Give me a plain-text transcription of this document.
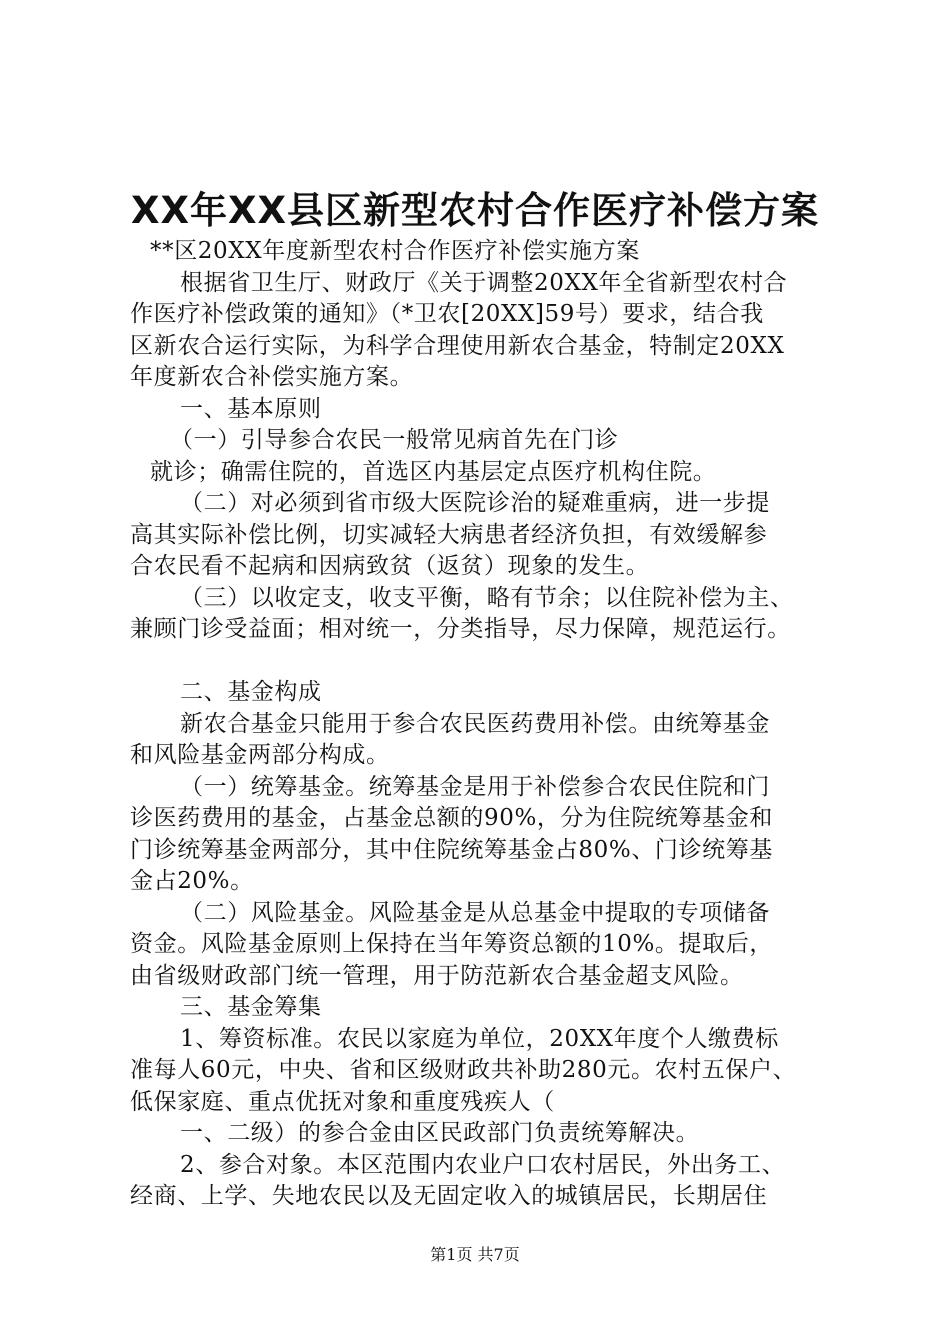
XX年XX县区新型农村合作医疗补偿方案
**区20XX年度新型农村合作医疗补偿实施方案
根据省卫生厅、财政厅《关于调整20XX年全省新型农村合
作医疗补偿政策的通知》（*卫农[20XX]59号）要求，结合我
区新农合运行实际，为科学合理使用新农合基金，特制定20XX
年度新农合补偿实施方案。
一、基本原则
（一）引导参合农民一般常见病首先在门诊
就诊；确需住院的，首选区内基层定点医疗机构住院。
（二）对必须到省市级大医院诊治的疑难重病，进一步提
高其实际补偿比例，切实减轻大病患者经济负担，有效缓解参
合农民看不起病和因病致贫（返贫）现象的发生。
（三）以收定支，收支平衡，略有节余；以住院补偿为主、
兼顾门诊受益面；相对统一，分类指导，尽力保障，规范运行。
二、基金构成
新农合基金只能用于参合农民医药费用补偿。由统筹基金
和风险基金两部分构成。
（一）统筹基金。统筹基金是用于补偿参合农民住院和门
诊医药费用的基金，占基金总额的90%，分为住院统筹基金和
门诊统筹基金两部分，其中住院统筹基金占80%、门诊统筹基
金占20%。
（二）风险基金。风险基金是从总基金中提取的专项储备
资金。风险基金原则上保持在当年筹资总额的10%。提取后，
由省级财政部门统一管理，用于防范新农合基金超支风险。
三、基金筹集
1、筹资标准。农民以家庭为单位，20XX年度个人缴费标
准每人60元，中央、省和区级财政共补助280元。农村五保户、
低保家庭、重点优抚对象和重度残疾人（
一、二级）的参合金由区民政部门负责统筹解决。
2、参合对象。本区范围内农业户口农村居民，外出务工、
经商、上学、失地农民以及无固定收入的城镇居民，长期居住
第1页 共7页
